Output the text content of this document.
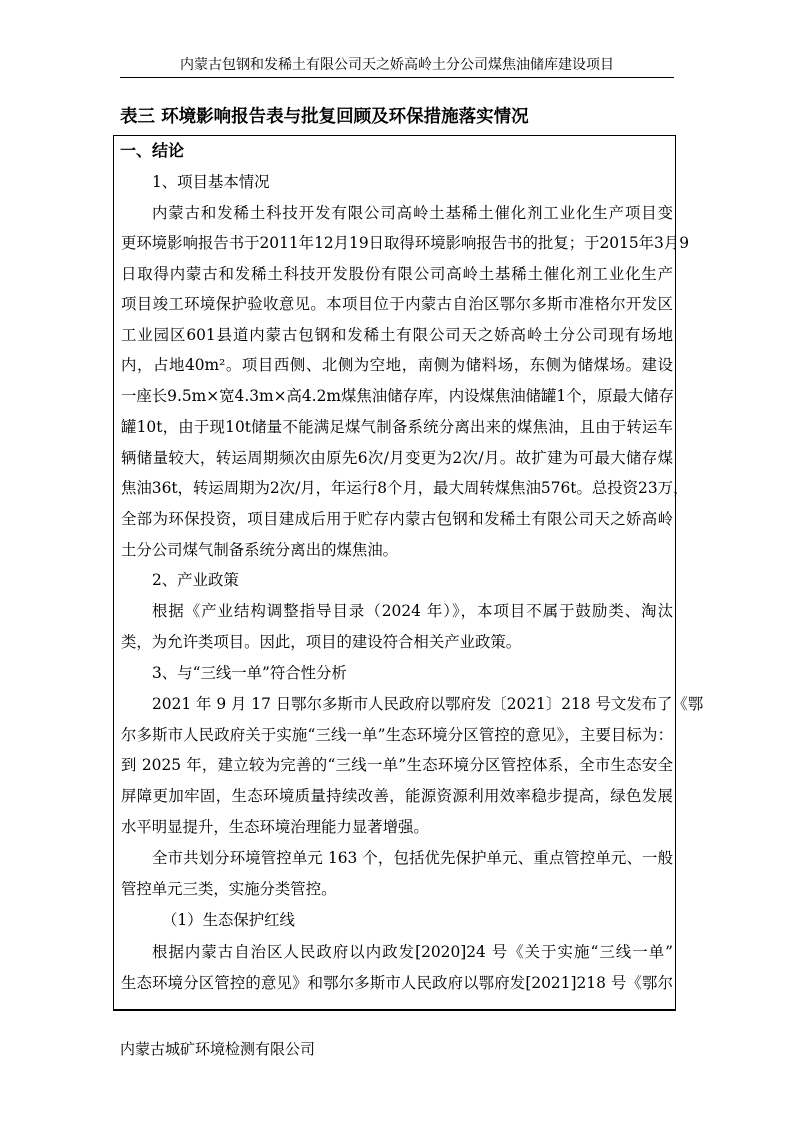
内蒙古包钢和发稀土有限公司天之娇高岭土分公司煤焦油储库建设项目
表三 环境影响报告表与批复回顾及环保措施落实情况
一、结论
1、项目基本情况
内蒙古和发稀土科技开发有限公司高岭土基稀土催化剂工业化生产项目变
更环境影响报告书于2011年12月19日取得环境影响报告书的批复；于2015年3月9
日取得内蒙古和发稀土科技开发股份有限公司高岭土基稀土催化剂工业化生产
项目竣工环境保护验收意见。本项目位于内蒙古自治区鄂尔多斯市准格尔开发区
工业园区601县道内蒙古包钢和发稀土有限公司天之娇高岭土分公司现有场地
内，占地40m²。项目西侧、北侧为空地，南侧为储料场，东侧为储煤场。建设
一座长9.5m×宽4.3m×高4.2m煤焦油储存库，内设煤焦油储罐1个，原最大储存
罐10t，由于现10t储量不能满足煤气制备系统分离出来的煤焦油，且由于转运车
辆储量较大，转运周期频次由原先6次/月变更为2次/月。故扩建为可最大储存煤
焦油36t，转运周期为2次/月，年运行8个月，最大周转煤焦油576t。总投资23万，
全部为环保投资，项目建成后用于贮存内蒙古包钢和发稀土有限公司天之娇高岭
土分公司煤气制备系统分离出的煤焦油。
2、产业政策
根据《产业结构调整指导目录（2024 年）》，本项目不属于鼓励类、淘汰
类，为允许类项目。因此，项目的建设符合相关产业政策。
3、与“三线一单”符合性分析
2021 年 9 月 17 日鄂尔多斯市人民政府以鄂府发〔2021〕218 号文发布了《鄂
尔多斯市人民政府关于实施“三线一单”生态环境分区管控的意见》，主要目标为：
到 2025 年，建立较为完善的“三线一单”生态环境分区管控体系，全市生态安全
屏障更加牢固，生态环境质量持续改善，能源资源利用效率稳步提高，绿色发展
水平明显提升，生态环境治理能力显著增强。
全市共划分环境管控单元 163 个，包括优先保护单元、重点管控单元、一般
管控单元三类，实施分类管控。
（1）生态保护红线
根据内蒙古自治区人民政府以内政发[2020]24 号《关于实施“三线一单”
生态环境分区管控的意见》和鄂尔多斯市人民政府以鄂府发[2021]218 号《鄂尔
内蒙古城矿环境检测有限公司
